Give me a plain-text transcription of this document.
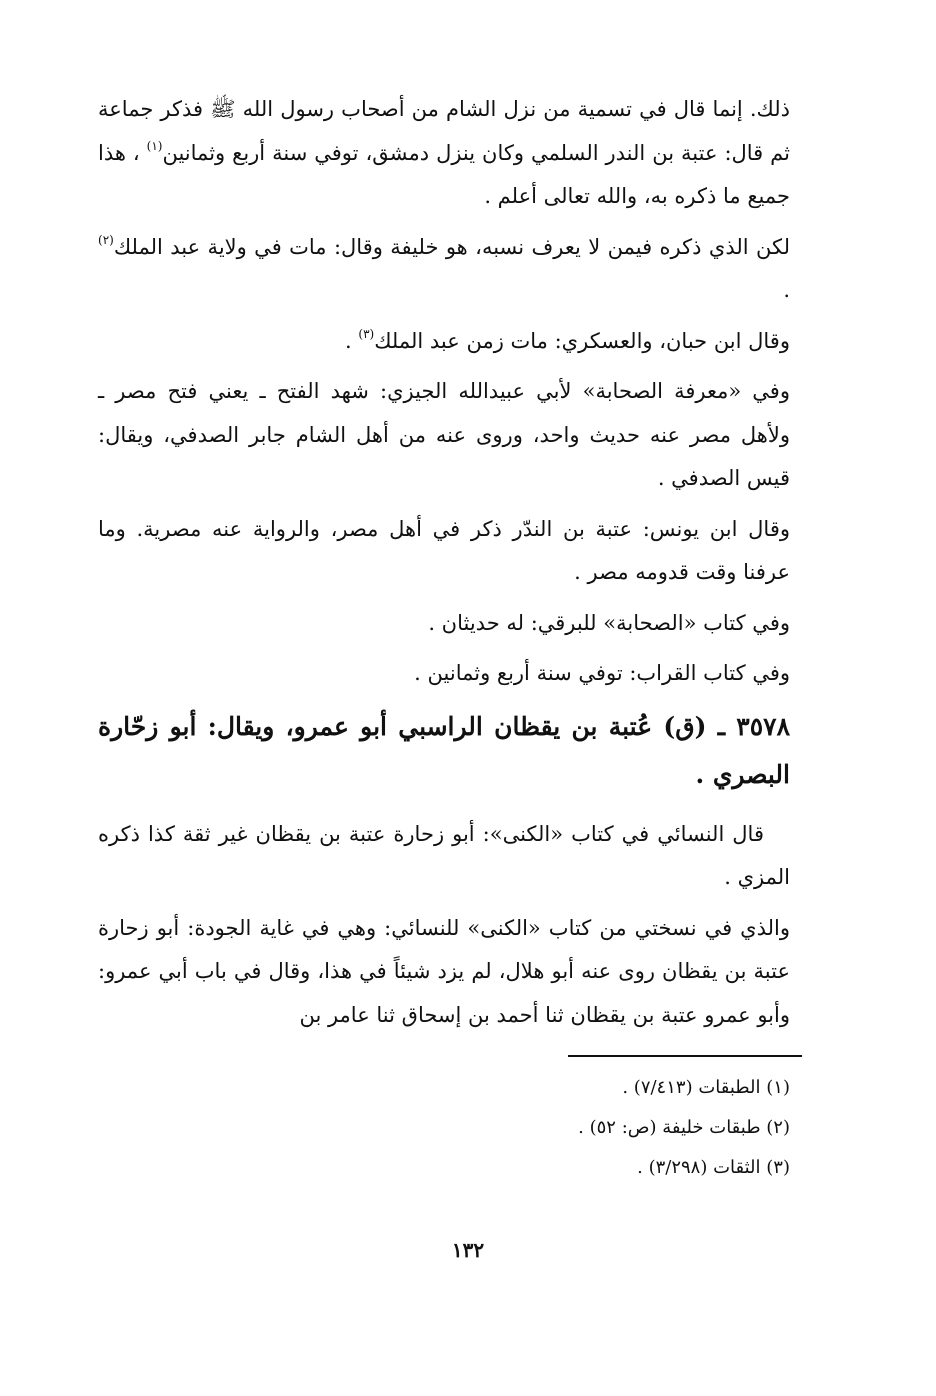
ذلك. إنما قال في تسمية من نزل الشام من أصحاب رسول الله ﷺ فذكر جماعة ثم قال: عتبة بن الندر السلمي وكان ينزل دمشق، توفي سنة أربع وثمانين$^{(١)}$ ، هذا جميع ما ذكره به، والله تعالى أعلم .

لكن الذي ذكره فيمن لا يعرف نسبه، هو خليفة وقال: مات في ولاية عبد الملك$^{(٢)}$ .

وقال ابن حبان، والعسكري: مات زمن عبد الملك$^{(٣)}$ .

وفي «معرفة الصحابة» لأبي عبيدالله الجيزي: شهد الفتح ـ يعني فتح مصر ـ ولأهل مصر عنه حديث واحد، وروى عنه من أهل الشام جابر الصدفي، ويقال: قيس الصدفي .

وقال ابن يونس: عتبة بن الندّر ذكر في أهل مصر، والرواية عنه مصرية. وما عرفنا وقت قدومه مصر .

وفي كتاب «الصحابة» للبرقي: له حديثان .

وفي كتاب القراب: توفي سنة أربع وثمانين .

٣٥٧٨ ـ (ق) عُتبة بن يقظان الراسبي أبو عمرو، ويقال: أبو زحّارة البصري .

قال النسائي في كتاب «الكنى»: أبو زحارة عتبة بن يقظان غير ثقة كذا ذكره المزي .

والذي في نسختي من كتاب «الكنى» للنسائي: وهي في غاية الجودة: أبو زحارة عتبة بن يقظان روى عنه أبو هلال، لم يزد شيئاً في هذا، وقال في باب أبي عمرو: وأبو عمرو عتبة بن يقظان ثنا أحمد بن إسحاق ثنا عامر بن

(١) الطبقات (٧/٤١٣) .

(٢) طبقات خليفة (ص: ٥٢) .

(٣) الثقات (٣/٢٩٨) .

١٣٢
